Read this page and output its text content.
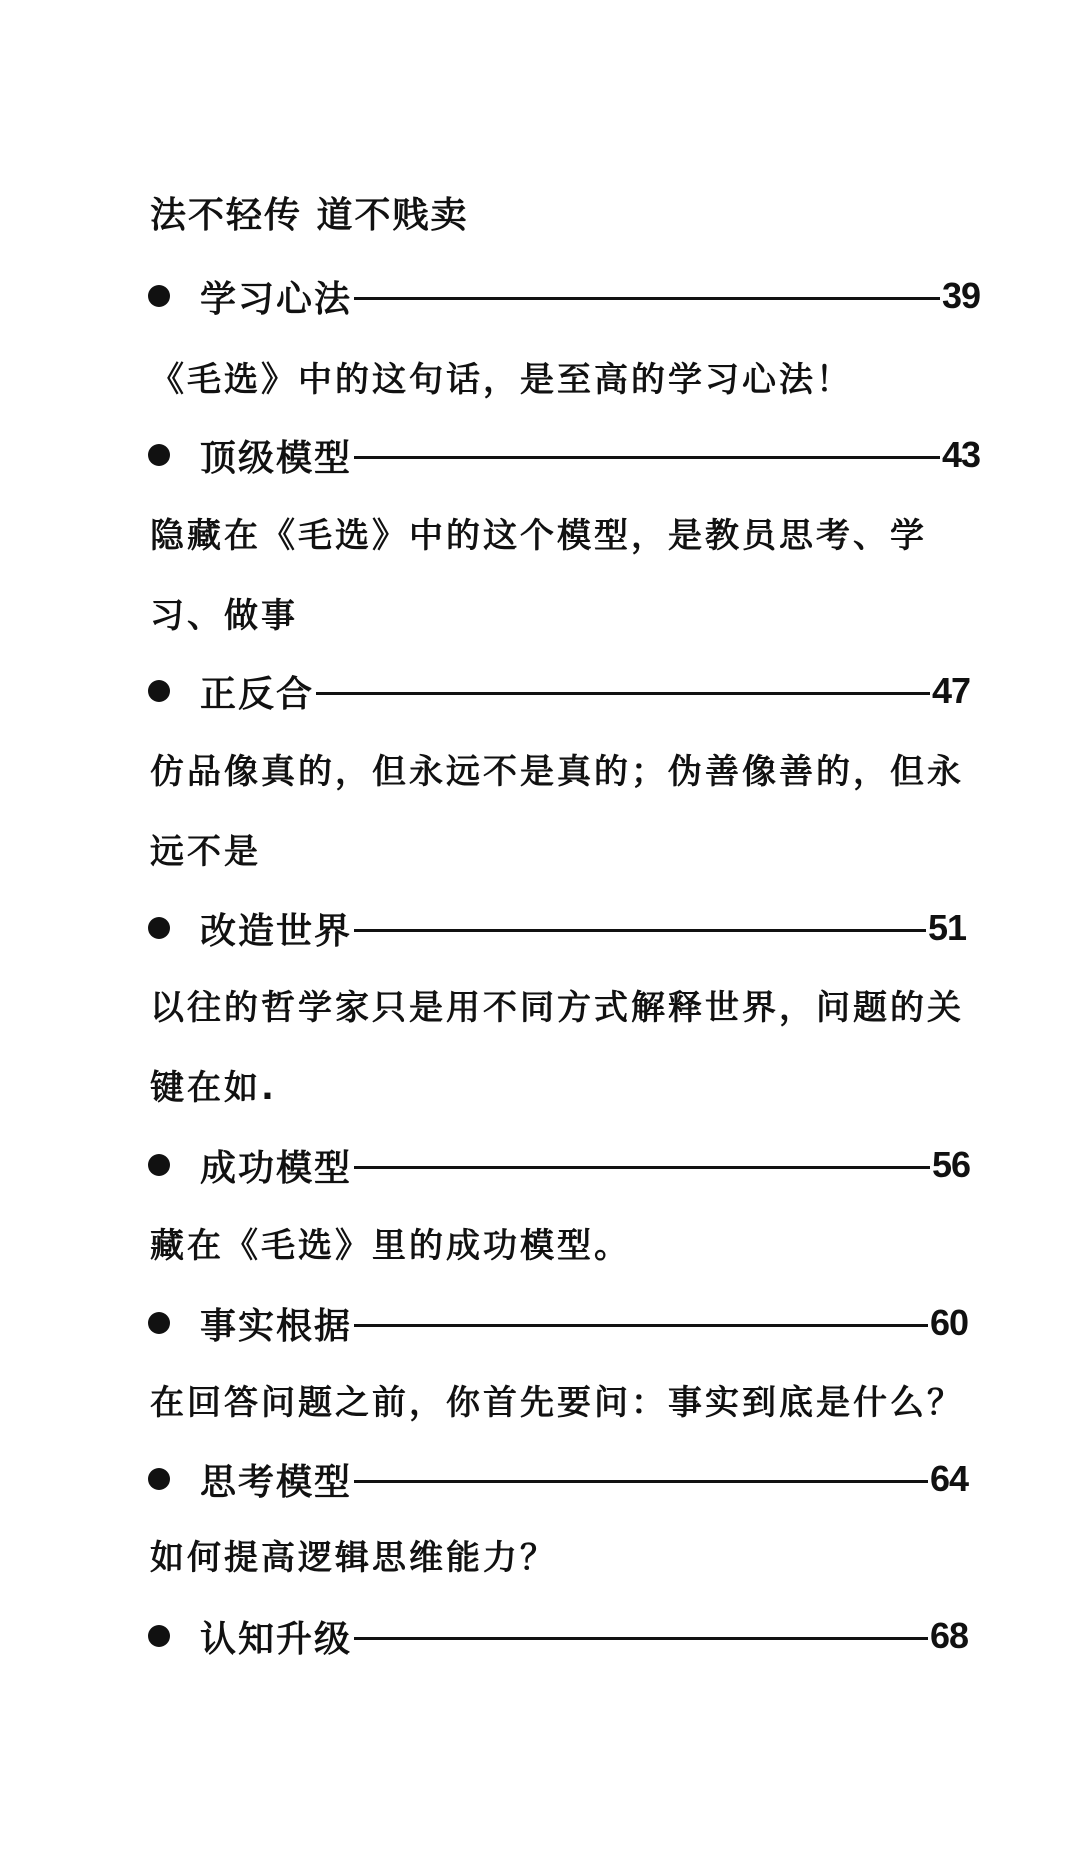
法不轻传 道不贱卖
学习心法	39
《毛选》中的这句话，是至高的学习心法！
顶级模型	43
隐藏在《毛选》中的这个模型，是教员思考、学习、做事
正反合	47
仿品像真的，但永远不是真的；伪善像善的，但永远不是
改造世界	51
以往的哲学家只是用不同方式解释世界，问题的关键在如.
成功模型	56
藏在《毛选》里的成功模型。
事实根据	60
在回答问题之前，你首先要问：事实到底是什么？
思考模型	64
如何提高逻辑思维能力？
认知升级	68
